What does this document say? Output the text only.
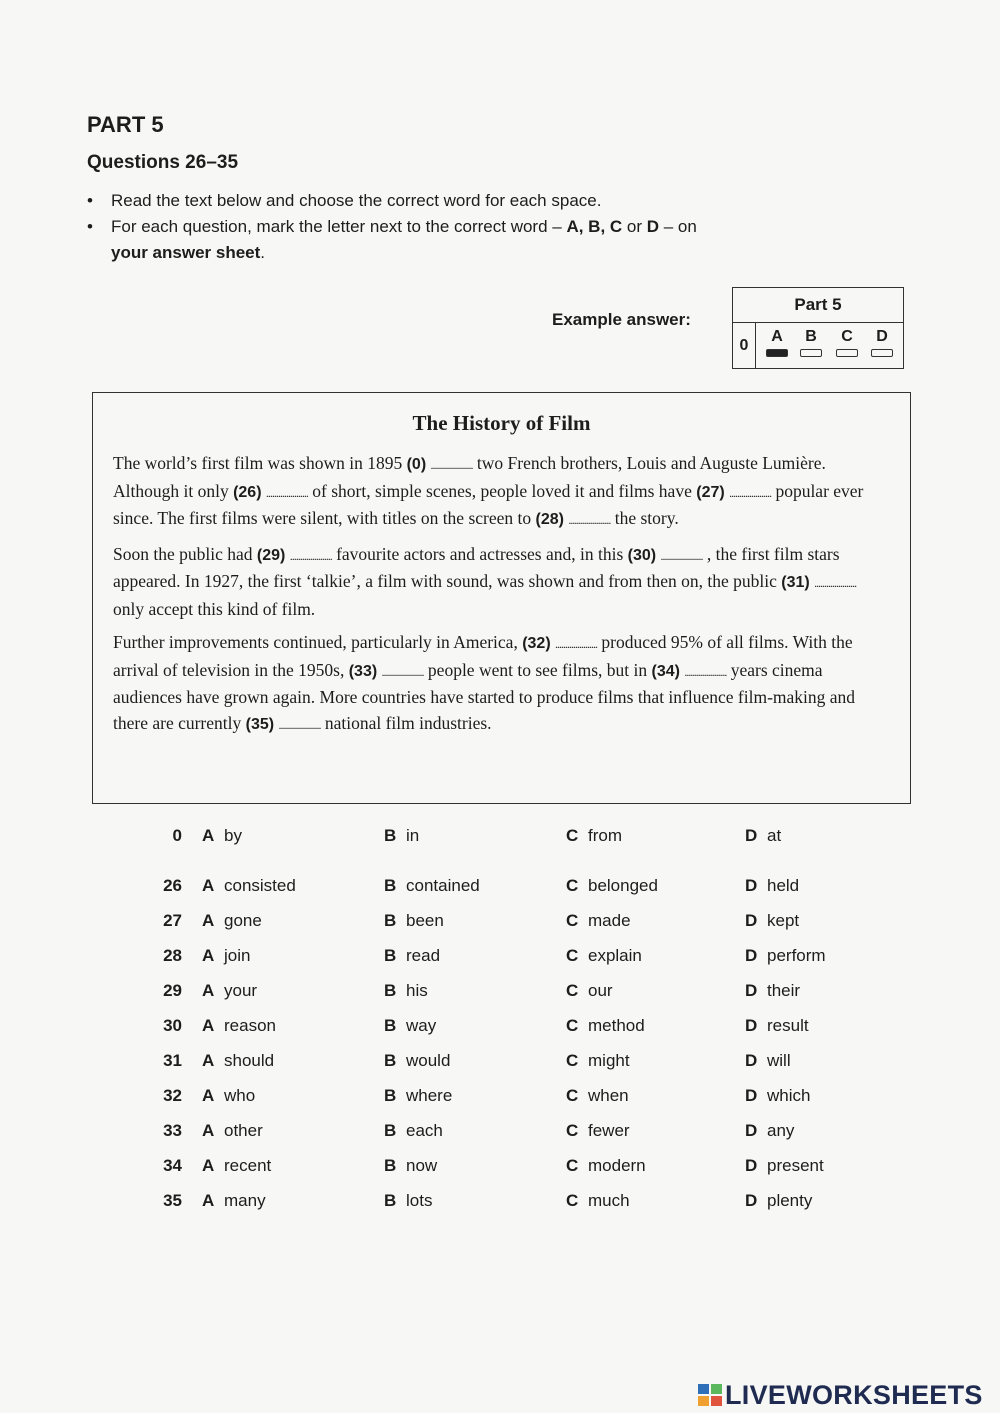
PART 5
Questions 26–35
• Read the text below and choose the correct word for each space.
• For each question, mark the letter next to the correct word – A, B, C or D – on
your answer sheet.
Example answer:
Part 5
0
A	B	C	D
The History of Film

The world’s first film was shown in 1895 (0) ..................... two French brothers, Louis and Auguste Lumière. Although it only (26) ..................... of short, simple scenes, people loved it and films have (27) ..................... popular ever since. The first films were silent, with titles on the screen to (28) ..................... the story.

Soon the public had (29) ..................... favourite actors and actresses and, in this (30) ..................... , the first film stars appeared. In 1927, the first ‘talkie’, a film with sound, was shown and from then on, the public (31) ..................... only accept this kind of film.

Further improvements continued, particularly in America, (32) ..................... produced 95% of all films. With the arrival of television in the 1950s, (33) ..................... people went to see films, but in (34) ..................... years cinema audiences have grown again. More countries have started to produce films that influence film-making and there are currently (35) ..................... national film industries.

0 A by	B in	C from	D at
26 A consisted	B contained	C belonged	D held
27 A gone	B been	C made	D kept
28 A join	B read	C explain	D perform
29 A your	B his	C our	D their
30 A reason	B way	C method	D result
31 A should	B would	C might	D will
32 A who	B where	C when	D which
33 A other	B each	C fewer	D any
34 A recent	B now	C modern	D present
35 A many	B lots	C much	D plenty
LIVEWORKSHEETS
